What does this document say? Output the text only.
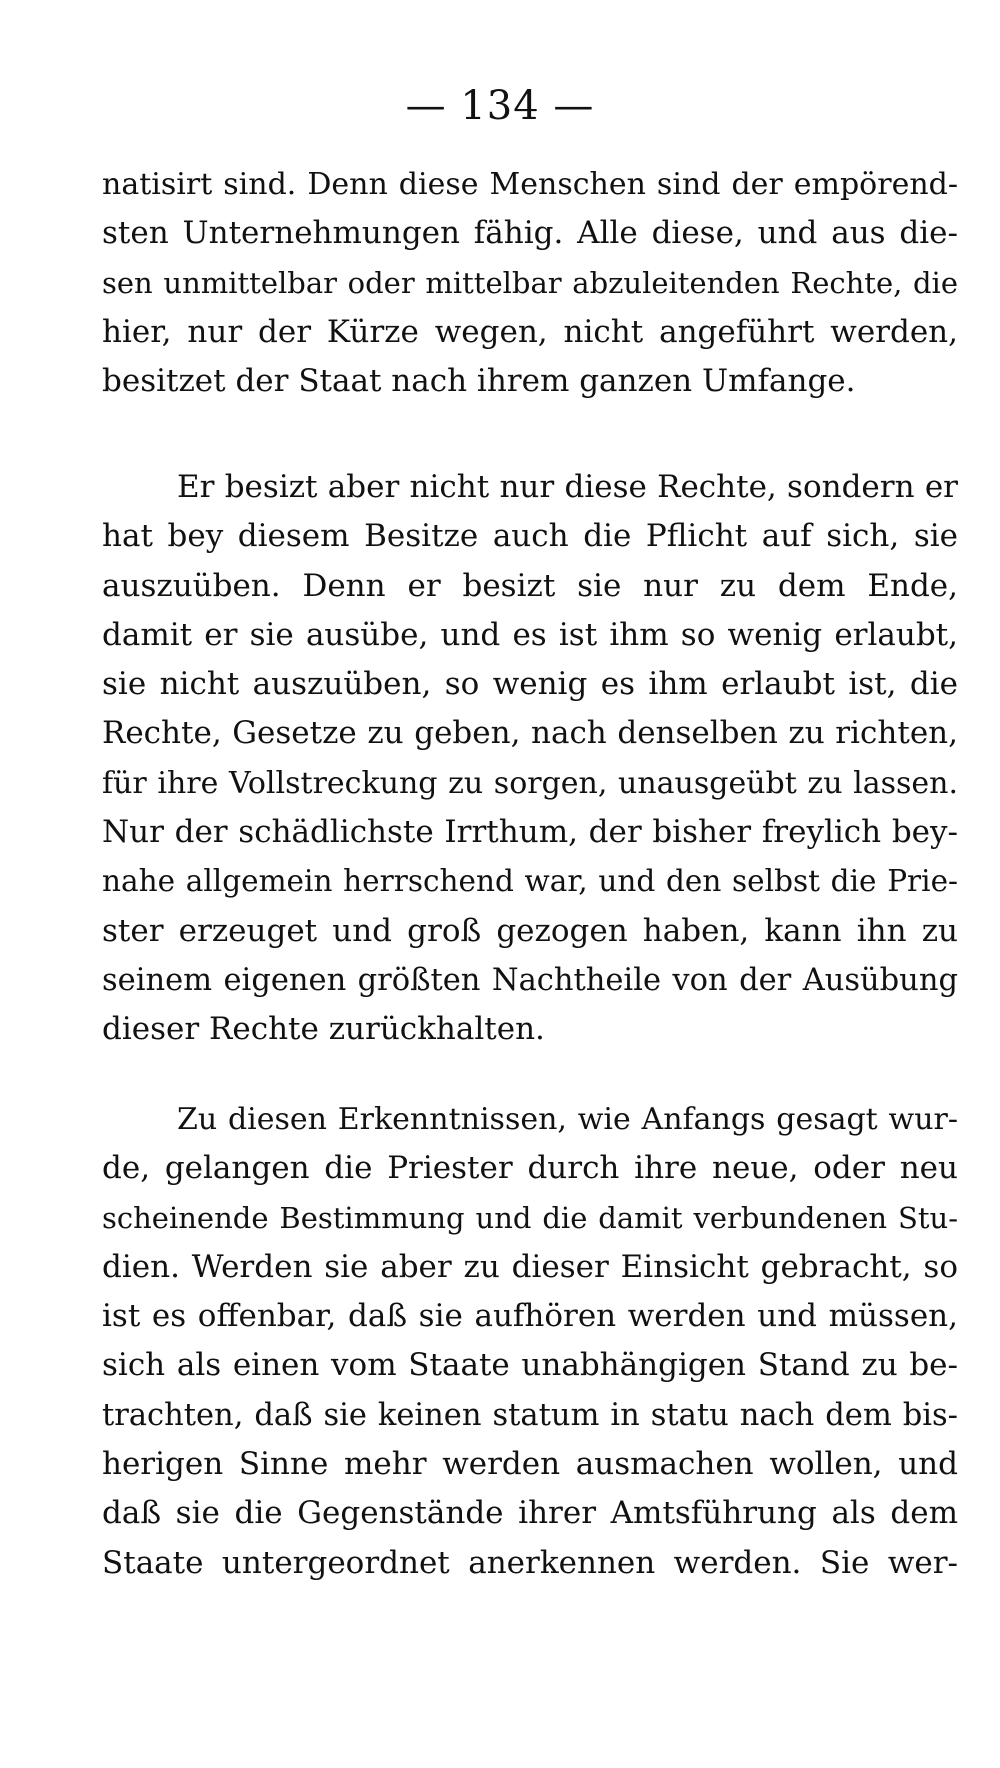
— 134 —
natisirt sind. Denn diese Menschen sind der empörend-
sten Unternehmungen fähig. Alle diese, und aus die-
sen unmittelbar oder mittelbar abzuleitenden Rechte, die
hier, nur der Kürze wegen, nicht angeführt werden,
besitzet der Staat nach ihrem ganzen Umfange.
Er besizt aber nicht nur diese Rechte, sondern er
hat bey diesem Besitze auch die Pflicht auf sich, sie
auszuüben. Denn er besizt sie nur zu dem Ende,
damit er sie ausübe, und es ist ihm so wenig erlaubt,
sie nicht auszuüben, so wenig es ihm erlaubt ist, die
Rechte, Gesetze zu geben, nach denselben zu richten,
für ihre Vollstreckung zu sorgen, unausgeübt zu lassen.
Nur der schädlichste Irrthum, der bisher freylich bey-
nahe allgemein herrschend war, und den selbst die Prie-
ster erzeuget und groß gezogen haben, kann ihn zu
seinem eigenen größten Nachtheile von der Ausübung
dieser Rechte zurückhalten.
Zu diesen Erkenntnissen, wie Anfangs gesagt wur-
de, gelangen die Priester durch ihre neue, oder neu
scheinende Bestimmung und die damit verbundenen Stu-
dien. Werden sie aber zu dieser Einsicht gebracht, so
ist es offenbar, daß sie aufhören werden und müssen,
sich als einen vom Staate unabhängigen Stand zu be-
trachten, daß sie keinen statum in statu nach dem bis-
herigen Sinne mehr werden ausmachen wollen, und
daß sie die Gegenstände ihrer Amtsführung als dem
Staate untergeordnet anerkennen werden. Sie wer-
